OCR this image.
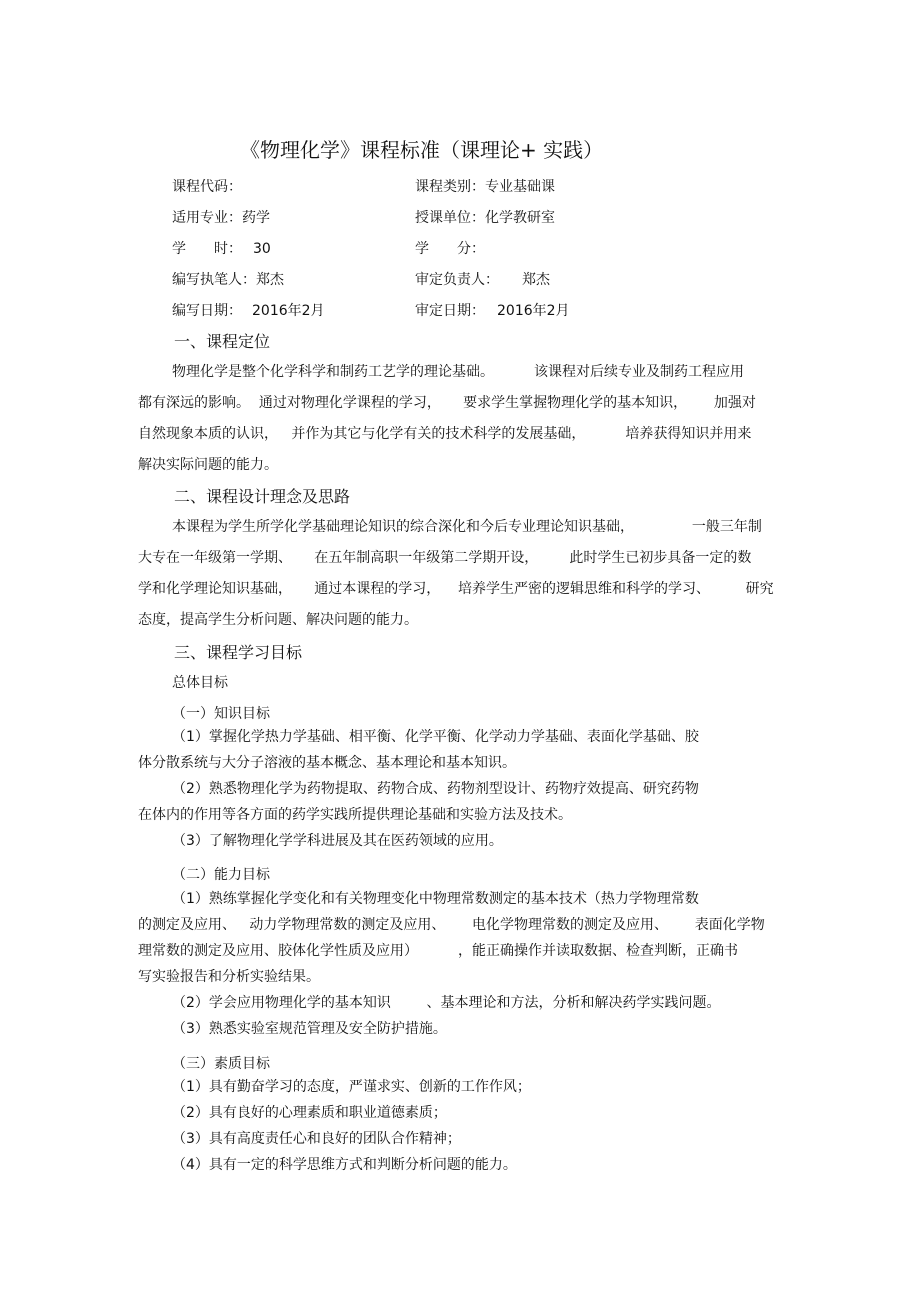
《物理化学》课程标准（课理论+ 实践）
课程代码：	课程类别：专业基础课
适用专业：药学	授课单位：化学教研室
学　　时： 30	学　　分：
编写执笔人： 郑杰	审定负责人： 郑杰
编写日期： 2016年2月	审定日期： 2016年2月
一、课程定位
物理化学是整个化学科学和制药工艺学的理论基础。         该课程对后续专业及制药工程应用
都有深远的影响。  通过对物理化学课程的学习，     要求学生掌握物理化学的基本知识，      加强对
自然现象本质的认识，   并作为其它与化学有关的技术科学的发展基础，         培养获得知识并用来
解决实际问题的能力。
二、课程设计理念及思路
本课程为学生所学化学基础理论知识的综合深化和今后专业理论知识基础，             一般三年制
大专在一年级第一学期、     在五年制高职一年级第二学期开设，       此时学生已初步具备一定的数
学和化学理论知识基础，     通过本课程的学习，    培养学生严密的逻辑思维和科学的学习、        研究
态度，提高学生分析问题、解决问题的能力。
三、课程学习目标
总体目标
（一）知识目标
（1）掌握化学热力学基础、相平衡、化学平衡、化学动力学基础、表面化学基础、胶
体分散系统与大分子溶液的基本概念、基本理论和基本知识。
（2）熟悉物理化学为药物提取、药物合成、药物剂型设计、药物疗效提高、研究药物
在体内的作用等各方面的药学实践所提供理论基础和实验方法及技术。
（3）了解物理化学学科进展及其在医药领域的应用。
（二）能力目标
（1）熟练掌握化学变化和有关物理变化中物理常数测定的基本技术（热力学物理常数
的测定及应用、   动力学物理常数的测定及应用、      电化学物理常数的测定及应用、      表面化学物
理常数的测定及应用、胶体化学性质及应用）         ，能正确操作并读取数据、检查判断，正确书
写实验报告和分析实验结果。
（2）学会应用物理化学的基本知识        、基本理论和方法，分析和解决药学实践问题。
（3）熟悉实验室规范管理及安全防护措施。
（三）素质目标
（1）具有勤奋学习的态度，严谨求实、创新的工作作风；
（2）具有良好的心理素质和职业道德素质；
（3）具有高度责任心和良好的团队合作精神；
（4）具有一定的科学思维方式和判断分析问题的能力。
